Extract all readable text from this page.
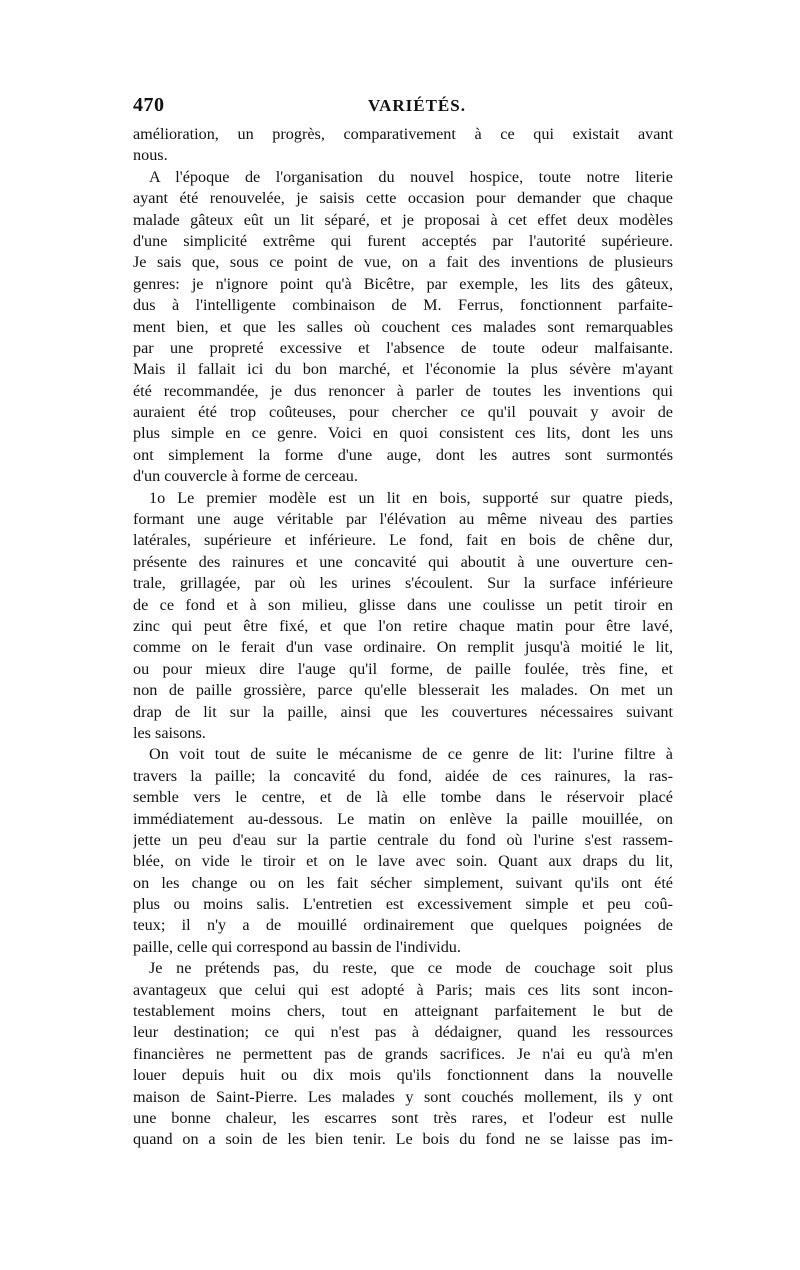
470	VARIÉTÉS.
amélioration, un progrès, comparativement à ce qui existait avant
nous.
A l'époque de l'organisation du nouvel hospice, toute notre literie
ayant été renouvelée, je saisis cette occasion pour demander que chaque
malade gâteux eût un lit séparé, et je proposai à cet effet deux modèles
d'une simplicité extrême qui furent acceptés par l'autorité supérieure.
Je sais que, sous ce point de vue, on a fait des inventions de plusieurs
genres: je n'ignore point qu'à Bicêtre, par exemple, les lits des gâteux,
dus à l'intelligente combinaison de M. Ferrus, fonctionnent parfaite-
ment bien, et que les salles où couchent ces malades sont remarquables
par une propreté excessive et l'absence de toute odeur malfaisante.
Mais il fallait ici du bon marché, et l'économie la plus sévère m'ayant
été recommandée, je dus renoncer à parler de toutes les inventions qui
auraient été trop coûteuses, pour chercher ce qu'il pouvait y avoir de
plus simple en ce genre. Voici en quoi consistent ces lits, dont les uns
ont simplement la forme d'une auge, dont les autres sont surmontés
d'un couvercle à forme de cerceau.
1o Le premier modèle est un lit en bois, supporté sur quatre pieds,
formant une auge véritable par l'élévation au même niveau des parties
latérales, supérieure et inférieure. Le fond, fait en bois de chêne dur,
présente des rainures et une concavité qui aboutit à une ouverture cen-
trale, grillagée, par où les urines s'écoulent. Sur la surface inférieure
de ce fond et à son milieu, glisse dans une coulisse un petit tiroir en
zinc qui peut être fixé, et que l'on retire chaque matin pour être lavé,
comme on le ferait d'un vase ordinaire. On remplit jusqu'à moitié le lit,
ou pour mieux dire l'auge qu'il forme, de paille foulée, très fine, et
non de paille grossière, parce qu'elle blesserait les malades. On met un
drap de lit sur la paille, ainsi que les couvertures nécessaires suivant
les saisons.
On voit tout de suite le mécanisme de ce genre de lit: l'urine filtre à
travers la paille; la concavité du fond, aidée de ces rainures, la ras-
semble vers le centre, et de là elle tombe dans le réservoir placé
immédiatement au-dessous. Le matin on enlève la paille mouillée, on
jette un peu d'eau sur la partie centrale du fond où l'urine s'est rassem-
blée, on vide le tiroir et on le lave avec soin. Quant aux draps du lit,
on les change ou on les fait sécher simplement, suivant qu'ils ont été
plus ou moins salis. L'entretien est excessivement simple et peu coû-
teux; il n'y a de mouillé ordinairement que quelques poignées de
paille, celle qui correspond au bassin de l'individu.
Je ne prétends pas, du reste, que ce mode de couchage soit plus
avantageux que celui qui est adopté à Paris; mais ces lits sont incon-
testablement moins chers, tout en atteignant parfaitement le but de
leur destination; ce qui n'est pas à dédaigner, quand les ressources
financières ne permettent pas de grands sacrifices. Je n'ai eu qu'à m'en
louer depuis huit ou dix mois qu'ils fonctionnent dans la nouvelle
maison de Saint-Pierre. Les malades y sont couchés mollement, ils y ont
une bonne chaleur, les escarres sont très rares, et l'odeur est nulle
quand on a soin de les bien tenir. Le bois du fond ne se laisse pas im-
